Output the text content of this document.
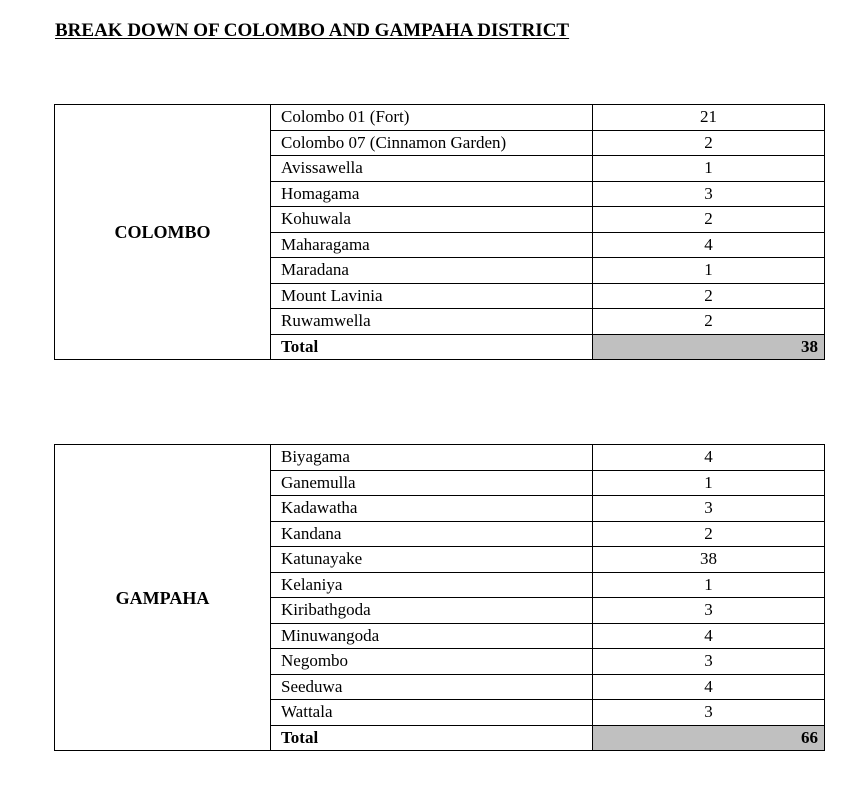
BREAK DOWN OF COLOMBO AND GAMPAHA DISTRICT
COLOMBO	Colombo 01 (Fort)	21
	Colombo 07 (Cinnamon Garden)	2
	Avissawella	1
	Homagama	3
	Kohuwala	2
	Maharagama	4
	Maradana	1
	Mount Lavinia	2
	Ruwamwella	2
	Total	38
GAMPAHA	Biyagama	4
	Ganemulla	1
	Kadawatha	3
	Kandana	2
	Katunayake	38
	Kelaniya	1
	Kiribathgoda	3
	Minuwangoda	4
	Negombo	3
	Seeduwa	4
	Wattala	3
	Total	66
